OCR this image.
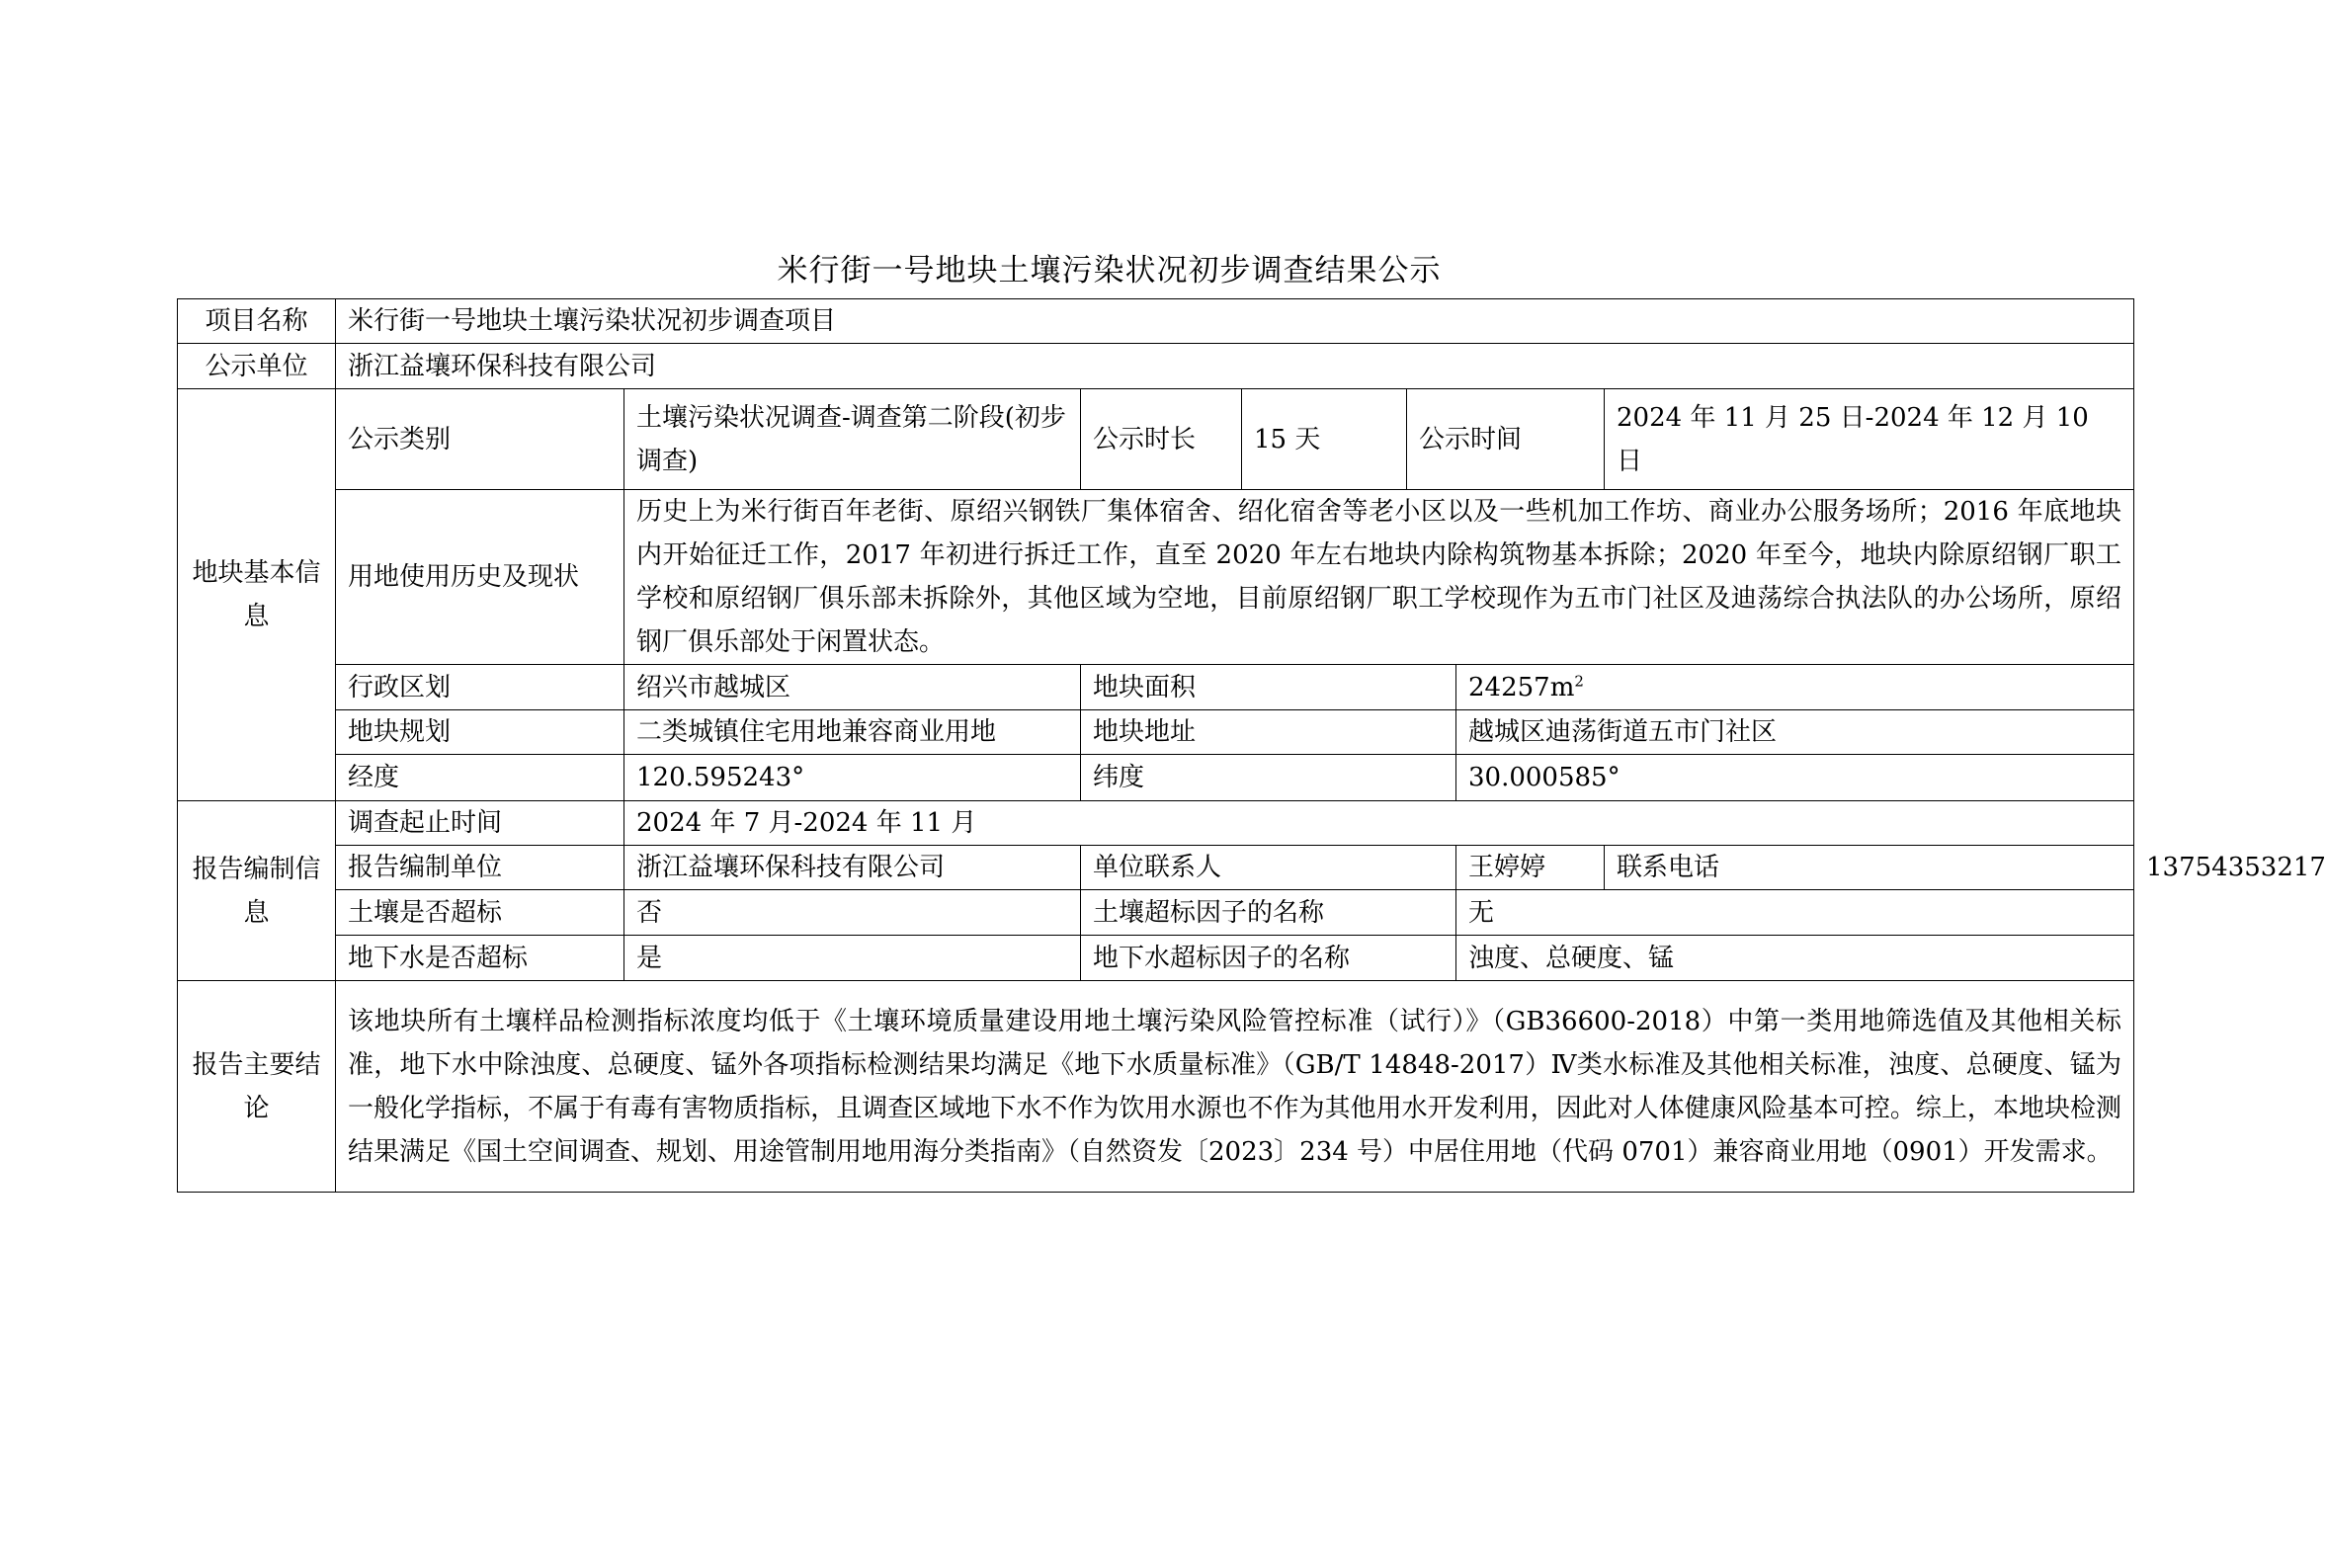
米行街一号地块土壤污染状况初步调查结果公示
项目名称	米行街一号地块土壤污染状况初步调查项目							
公示单位	浙江益壤环保科技有限公司							
地块基本信息	公示类别	土壤污染状况调查-调查第二阶段(初步调查)	公示时长	15 天	公示时间		2024 年 11 月 25 日-2024 年 12 月 10 日	
	用地使用历史及现状	历史上为米行街百年老街、原绍兴钢铁厂集体宿舍、绍化宿舍等老小区以及一些机加工作坊、商业办公服务场所；2016 年底地块内开始征迁工作，2017 年初进行拆迁工作，直至 2020 年左右地块内除构筑物基本拆除；2020 年至今，地块内除原绍钢厂职工学校和原绍钢厂俱乐部未拆除外，其他区域为空地，目前原绍钢厂职工学校现作为五市门社区及迪荡综合执法队的办公场所，原绍钢厂俱乐部处于闲置状态。						
	行政区划	绍兴市越城区	地块面积			$24257m^2$
	地块规划	二类城镇住宅用地兼容商业用地	地块地址			越城区迪荡街道五市门社区		
	经度	120.595243°	纬度			30.000585°		
报告编制信息	调查起止时间	2024 年 7 月-2024 年 11 月						
	报告编制单位	浙江益壤环保科技有限公司	单位联系人			王婷婷	联系电话	13754353217
	土壤是否超标	否	土壤超标因子的名称			无		
	地下水是否超标	是	地下水超标因子的名称			浊度、总硬度、锰		
报告主要结论	该地块所有土壤样品检测指标浓度均低于《土壤环境质量建设用地土壤污染风险管控标准（试行）》（GB36600-2018）中第一类用地筛选值及其他相关标准，地下水中除浊度、总硬度、锰外各项指标检测结果均满足《地下水质量标准》（GB/T 14848-2017）Ⅳ类水标准及其他相关标准，浊度、总硬度、锰为一般化学指标，不属于有毒有害物质指标，且调查区域地下水不作为饮用水源也不作为其他用水开发利用，因此对人体健康风险基本可控。综上，本地块检测结果满足《国土空间调查、规划、用途管制用地用海分类指南》（自然资发〔2023〕234 号）中居住用地（代码 0701）兼容商业用地（0901）开发需求。							
